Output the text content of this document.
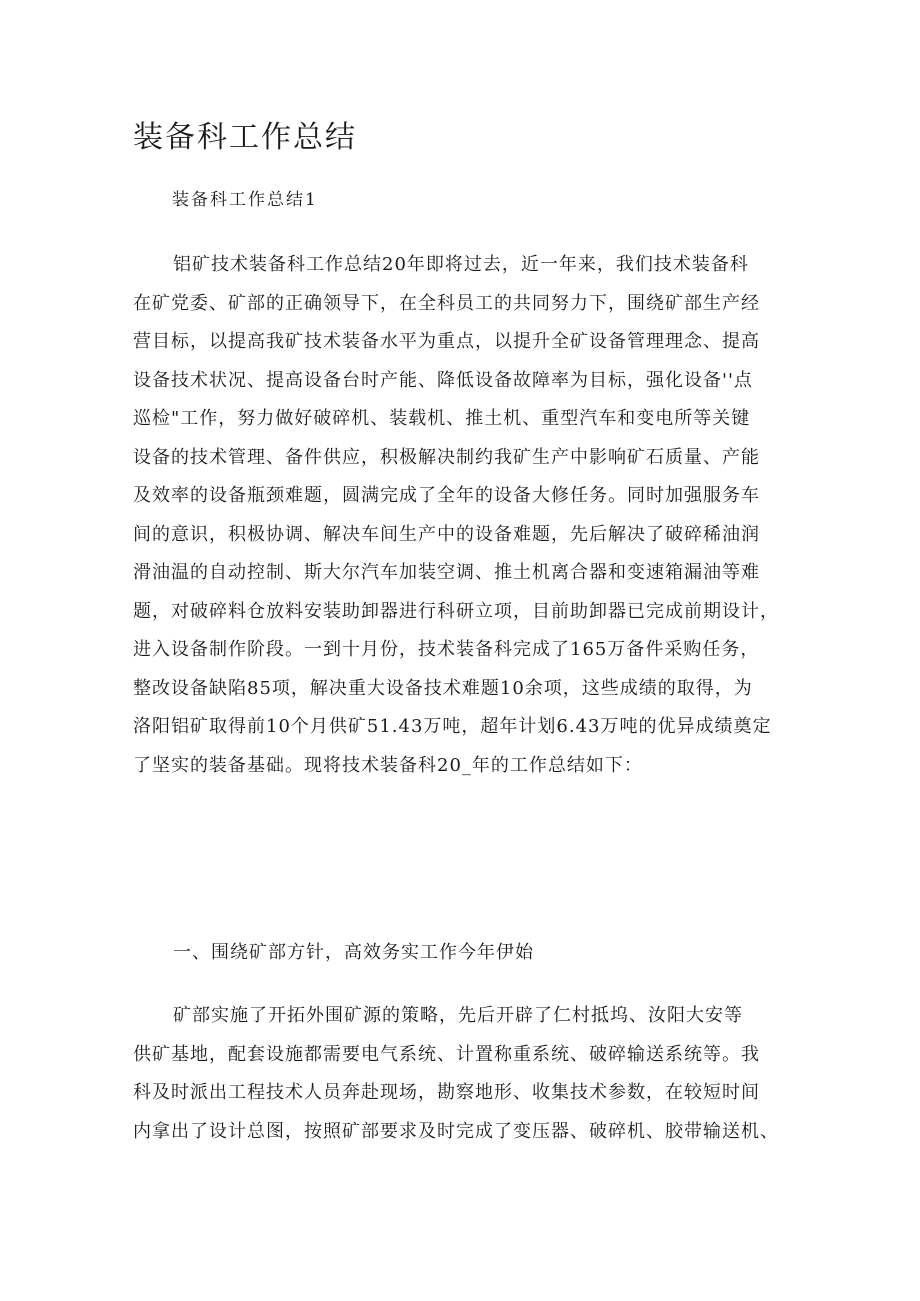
装备科工作总结
装备科工作总结1
铝矿技术装备科工作总结20年即将过去，近一年来，我们技术装备科
在矿党委、矿部的正确领导下，在全科员工的共同努力下，围绕矿部生产经
营目标，以提高我矿技术装备水平为重点，以提升全矿设备管理理念、提高
设备技术状况、提高设备台时产能、降低设备故障率为目标，强化设备''点
巡检"工作，努力做好破碎机、装载机、推土机、重型汽车和变电所等关键
设备的技术管理、备件供应，积极解决制约我矿生产中影响矿石质量、产能
及效率的设备瓶颈难题，圆满完成了全年的设备大修任务。同时加强服务车
间的意识，积极协调、解决车间生产中的设备难题，先后解决了破碎稀油润
滑油温的自动控制、斯大尔汽车加装空调、推土机离合器和变速箱漏油等难
题，对破碎料仓放料安装助卸器进行科研立项，目前助卸器已完成前期设计，
进入设备制作阶段。一到十月份，技术装备科完成了165万备件采购任务，
整改设备缺陷85项，解决重大设备技术难题10余项，这些成绩的取得，为
洛阳铝矿取得前10个月供矿51.43万吨，超年计划6.43万吨的优异成绩奠定
了坚实的装备基础。现将技术装备科20_年的工作总结如下：
一、围绕矿部方针，高效务实工作今年伊始
矿部实施了开拓外围矿源的策略，先后开辟了仁村抵坞、汝阳大安等
供矿基地，配套设施都需要电气系统、计置称重系统、破碎输送系统等。我
科及时派出工程技术人员奔赴现场，勘察地形、收集技术参数，在较短时间
内拿出了设计总图，按照矿部要求及时完成了变压器、破碎机、胶带输送机、
